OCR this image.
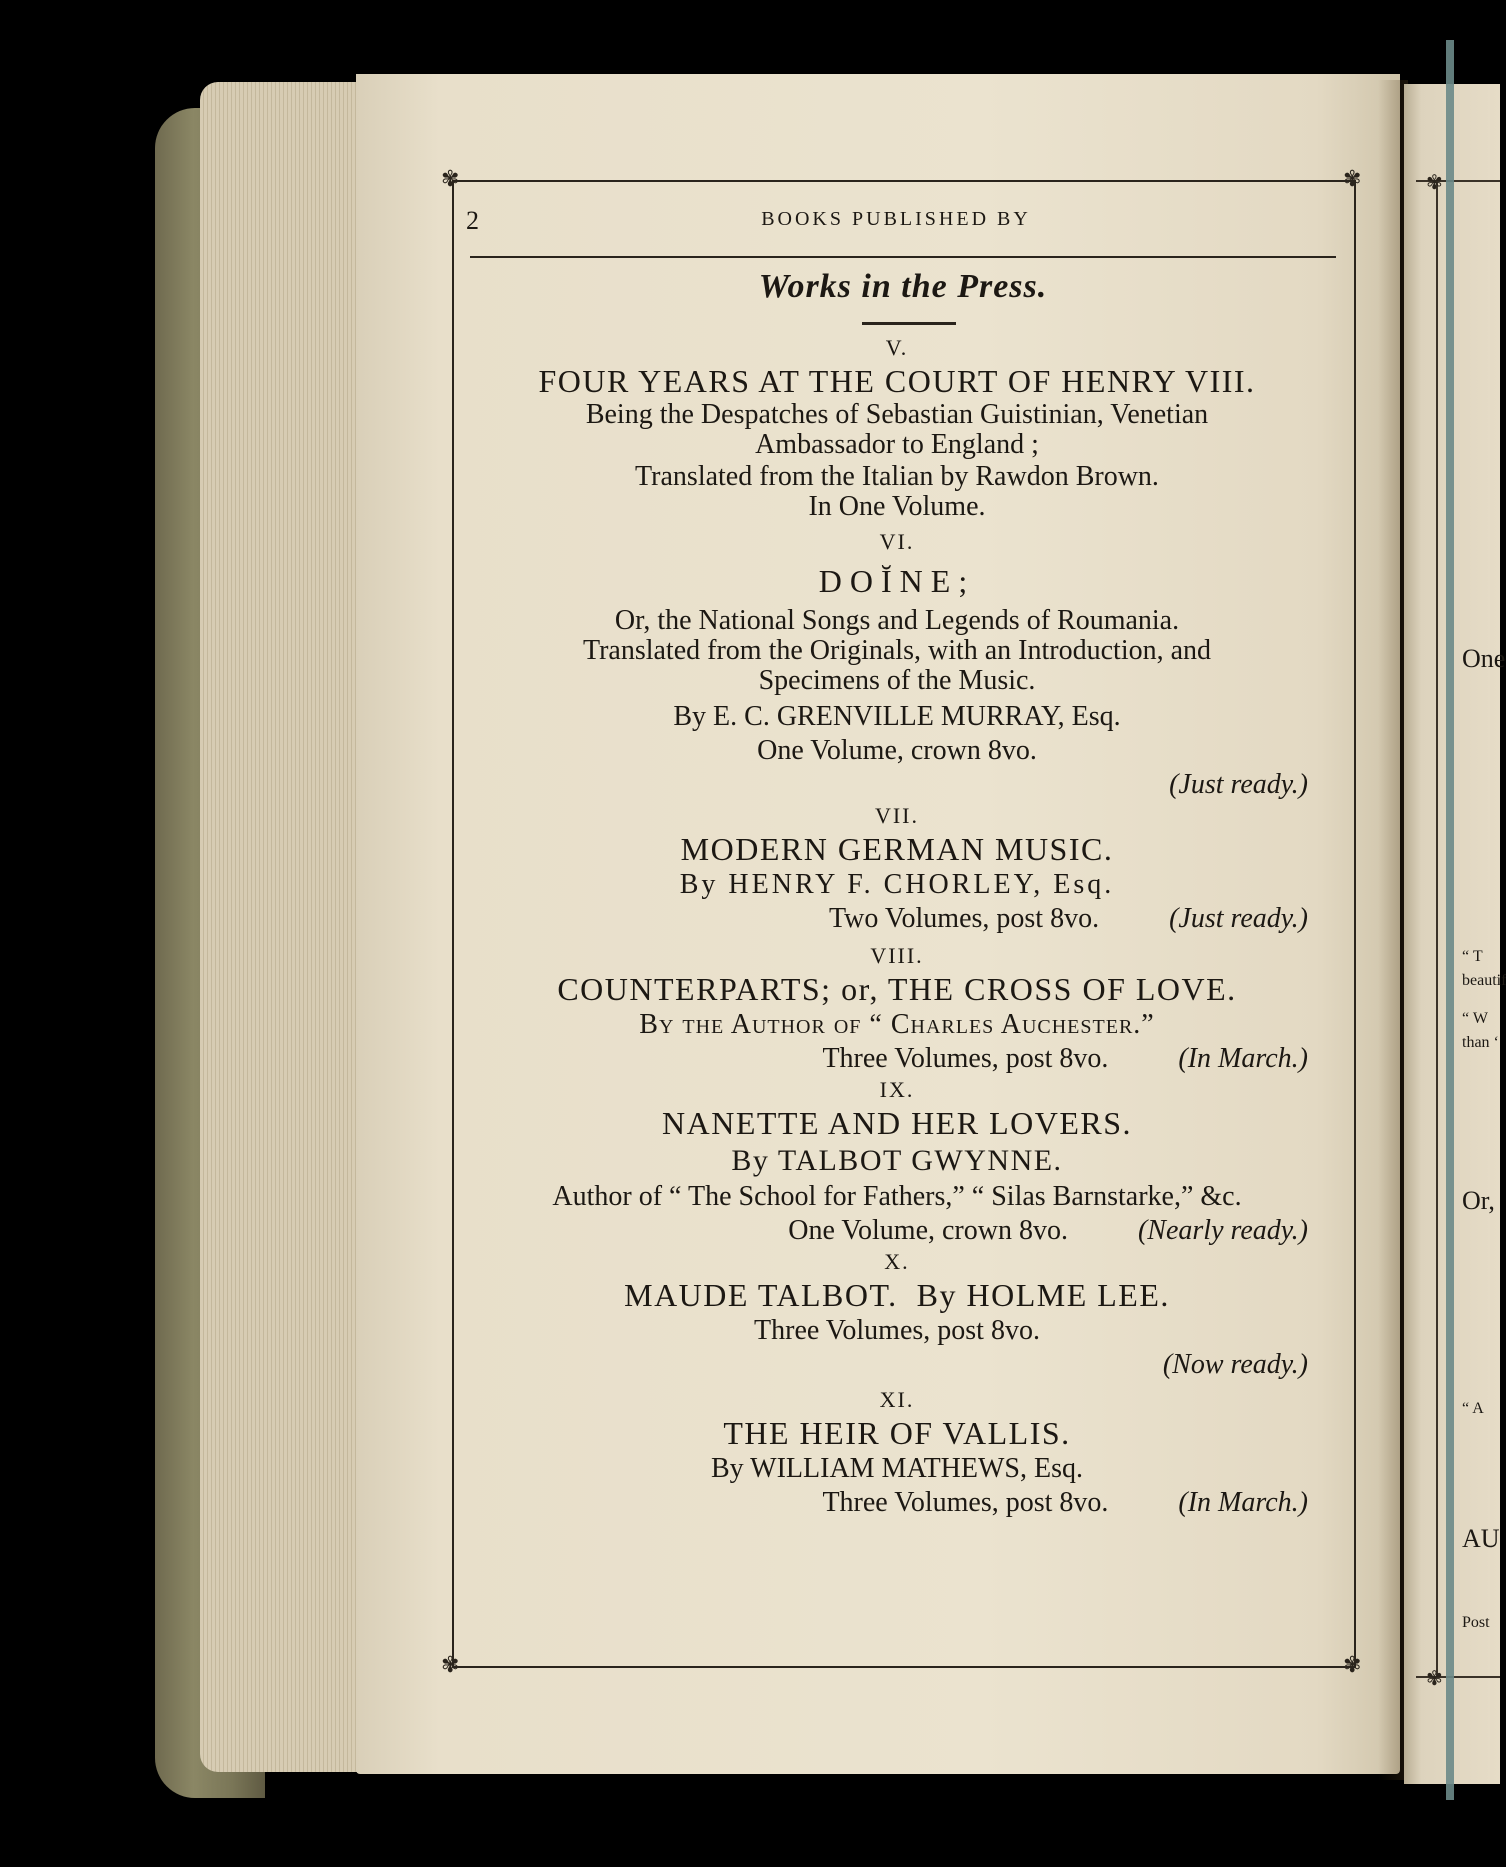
✾
✾
One
“ T
beautif
“ W
than ‘
Or,
“ A
AU
Post
✾	✾
✾	✾
2	BOOKS PUBLISHED BY
Works in the Press.
V.
FOUR YEARS AT THE COURT OF HENRY VIII.
Being the Despatches of Sebastian Guistinian, Venetian
Ambassador to England ;
Translated from the Italian by Rawdon Brown.
In One Volume.
VI.
DOĬNE;
Or, the National Songs and Legends of Roumania.
Translated from the Originals, with an Introduction, and
Specimens of the Music.
By E. C. GRENVILLE MURRAY, Esq.
One Volume, crown 8vo.
(Just ready.)
VII.
MODERN GERMAN MUSIC.
By HENRY F. CHORLEY, Esq.
Two Volumes, post 8vo.	(Just ready.)
VIII.
COUNTERPARTS; or, THE CROSS OF LOVE.
By the Author of “ Charles Auchester.”
Three Volumes, post 8vo.	(In March.)
IX.
NANETTE AND HER LOVERS.
By TALBOT GWYNNE.
Author of “ The School for Fathers,” “ Silas Barnstarke,” &c.
One Volume, crown 8vo.	(Nearly ready.)
X.
MAUDE TALBOT.  By HOLME LEE.
Three Volumes, post 8vo.
(Now ready.)
XI.
THE HEIR OF VALLIS.
By WILLIAM MATHEWS, Esq.
Three Volumes, post 8vo.	(In March.)
